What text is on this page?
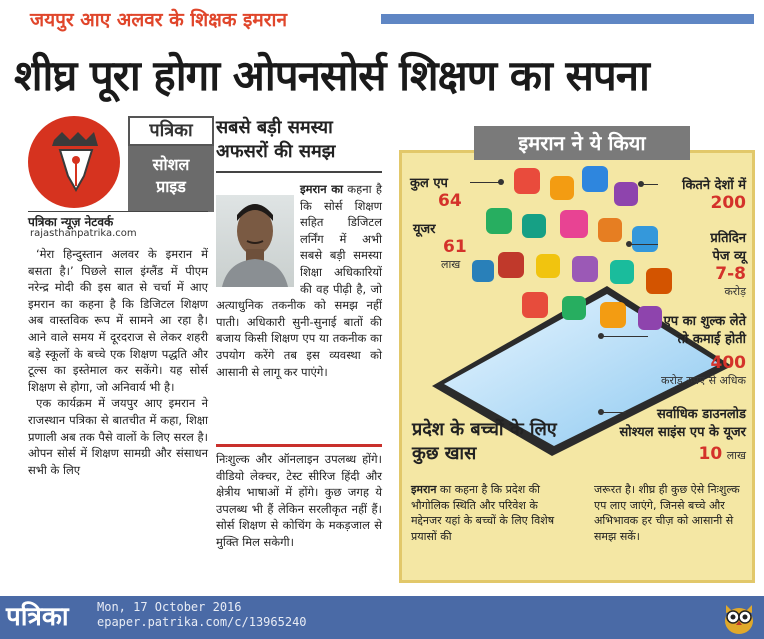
जयपुर आए अलवर के शिक्षक इमरान
शीघ्र पूरा होगा ओपनसोर्स शिक्षण का सपना
पत्रिका
सोशल
प्राइड
पत्रिका न्यूज़ नेटवर्क
rajasthanpatrika.com

‘मेरा हिन्दुस्तान अलवर के इमरान में बसता है।’ पिछले साल इंग्लैंड में पीएम नरेन्द्र मोदी की इस बात से चर्चा में आए इमरान का कहना है कि डिजिटल शिक्षण अब वास्तविक रूप में सामने आ रहा है। आने वाले समय में दूरदराज से लेकर शहरी बड़े स्कूलों के बच्चे एक शिक्षण पद्धति और टूल्स का इस्तेमाल कर सकेंगे। यह सोर्स शिक्षण से होगा, जो अनिवार्य भी है।

एक कार्यक्रम में जयपुर आए इमरान ने राजस्थान पत्रिका से बातचीत में कहा, शिक्षा प्रणाली अब तक पैसे वालों के लिए सरल है। ओपन सोर्स में शिक्षण सामग्री और संसाधन सभी के लिए

सबसे बड़ी समस्या अफसरों की समझ

इमरान का कहना है कि सोर्स शिक्षण सहित डिजिटल लर्निंग में अभी सबसे बड़ी समस्या शिक्षा अधिकारियों की वह पीढ़ी है, जो अत्याधुनिक तकनीक को समझ नहीं पाती। अधिकारी सुनी-सुनाई बातों की बजाय किसी शिक्षण एप या तकनीक का उपयोग करेंगे तब इस व्यवस्था को आसानी से लागू कर पाएंगे।

निःशुल्क और ऑनलाइन उपलब्ध होंगे। वीडियो लेक्चर, टेस्ट सीरिज हिंदी और क्षेत्रीय भाषाओं में होंगे। कुछ जगह ये उपलब्ध भी हैं लेकिन सरलीकृत नहीं हैं। सोर्स शिक्षण से कोचिंग के मकड़जाल से मुक्ति मिल सकेगी।

इमरान ने ये किया
कुल एप
64
यूजर
61
लाख
कितने देशों में
200
प्रतिदिन
पेज व्यू
7-8
करोड़
एप का शुल्क लेते
तो कमाई होती
400
करोड़ रुपए से अधिक
सर्वाधिक डाउनलोड
सोश्यल साइंस एप के यूजर
10 लाख
प्रदेश के बच्चों के लिए कुछ खास
इमरान का कहना है कि प्रदेश की भौगोलिक स्थिति और परिवेश के मद्देनजर यहां के बच्चों के लिए विशेष प्रयासों की
जरूरत है। शीघ्र ही कुछ ऐसे निःशुल्क एप लाए जाएंगे, जिनसे बच्चे और अभिभावक हर चीज़ को आसानी से समझ सकें।
पत्रिका Mon, 17 October 2016
epaper.patrika.com/c/13965240
